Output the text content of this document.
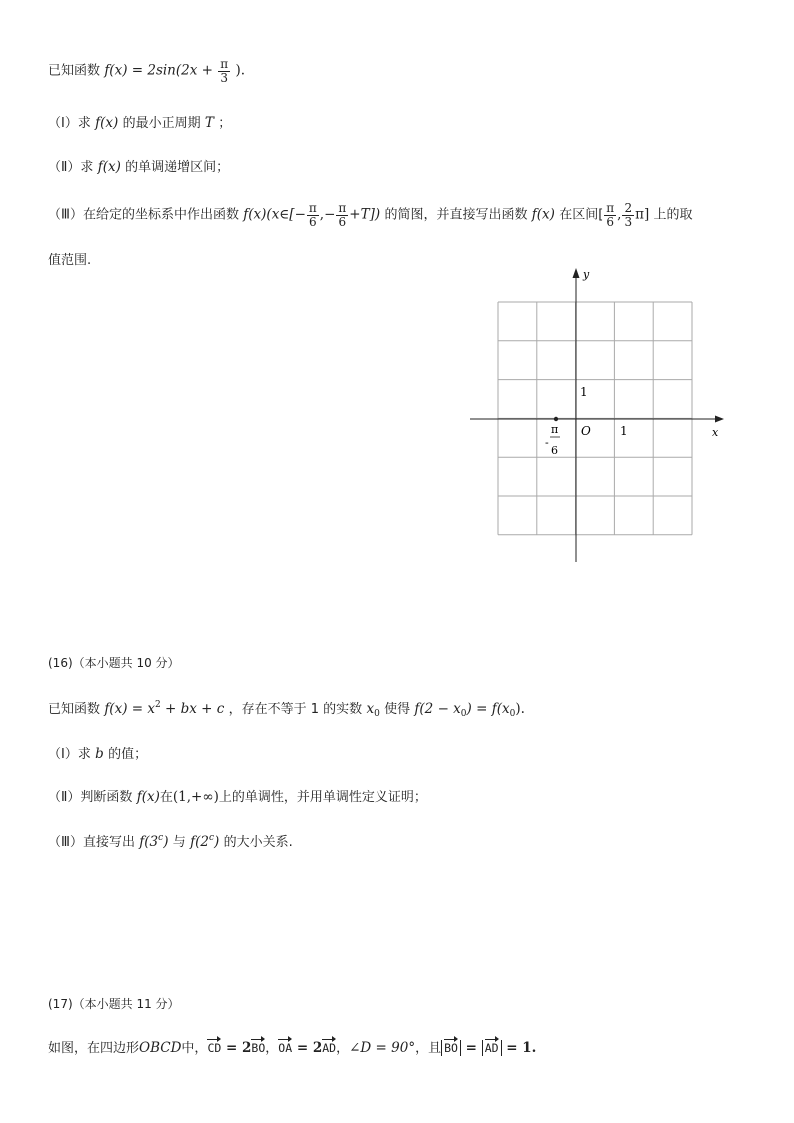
已知函数 $f(x) = 2\sin(2x + \frac{\pi}{3}$ ).
（Ⅰ）求 f(x) 的最小正周期 T ；
（Ⅱ）求 f(x) 的单调递增区间；
（Ⅲ）在给定的坐标系中作出函数 f(x)(x∈[− $\frac{\pi}{6}$ ,− $\frac{\pi}{6} +T$]) 的简图，并直接写出函数 f(x) 在区间[ $\frac{\pi}{6}$ , $\frac{2}{3} \pi$] 上的取
值范围.
y
x
O 1
1
π
-
6
(16)（本小题共 10 分）
已知函数 $f(x) = x^2$ + bx + c ，存在不等于 1 的实数 $x_0$ 使得 $f(2 - x_0) = f(x_0)$.
（Ⅰ）求 b 的值；
（Ⅱ）判断函数 f(x)在(1,+∞)上的单调性，并用单调性定义证明；
（Ⅲ）直接写出 f(3$^c$) 与 f(2$^c$) 的大小关系.
(17)（本小题共 11 分）
如图，在四边形OBCD中，CD = 2BO，OA = 2AD，∠D = 90°，且 BO = AD = 1.
